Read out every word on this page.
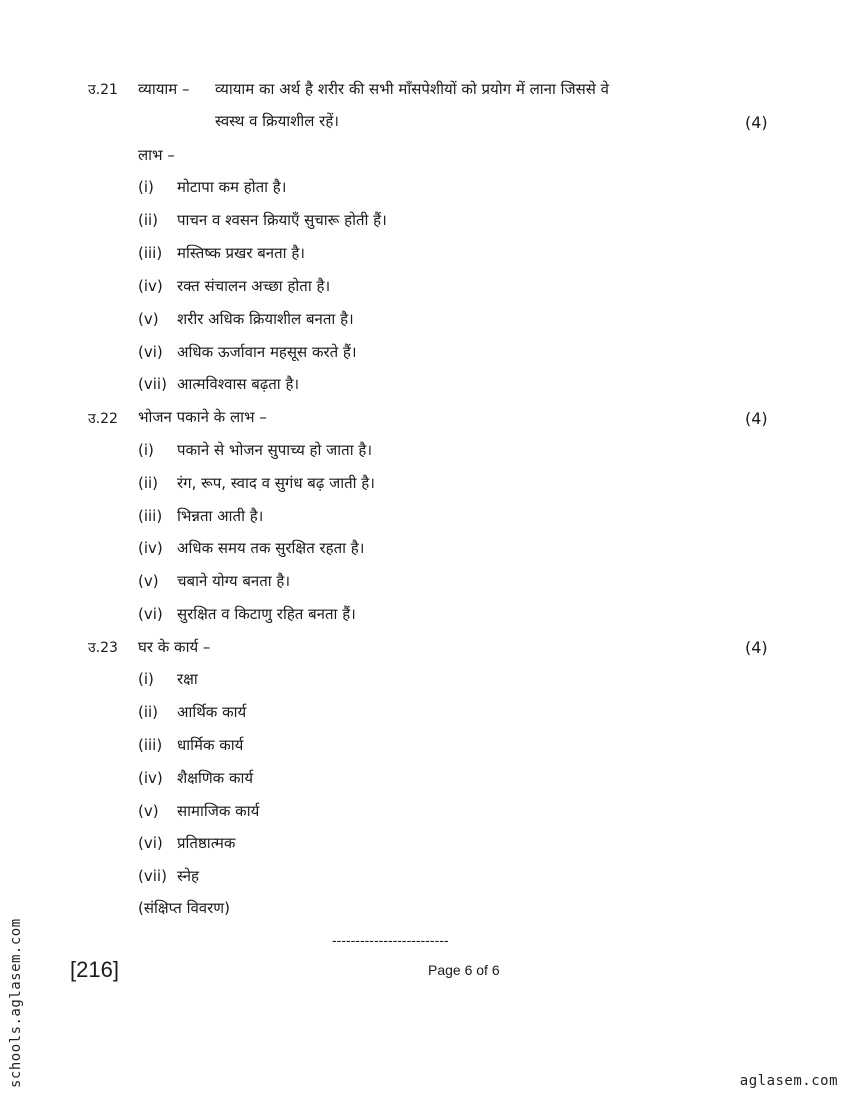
उ.21 व्यायाम – व्यायाम का अर्थ है शरीर की सभी माँसपेशीयों को प्रयोग में लाना जिससे वे
स्वस्थ व क्रियाशील रहें।	(4)
लाभ –
(i) मोटापा कम होता है।
(ii) पाचन व श्वसन क्रियाएँ सुचारू होती हैं।
(iii) मस्तिष्क प्रखर बनता है।
(iv) रक्त संचालन अच्छा होता है।
(v) शरीर अधिक क्रियाशील बनता है।
(vi) अधिक ऊर्जावान महसूस करते हैं।
(vii) आत्मविश्वास बढ़ता है।
उ.22 भोजन पकाने के लाभ –	(4)
(i) पकाने से भोजन सुपाच्य हो जाता है।
(ii) रंग, रूप, स्वाद व सुगंध बढ़ जाती है।
(iii) भिन्नता आती है।
(iv) अधिक समय तक सुरक्षित रहता है।
(v) चबाने योग्य बनता है।
(vi) सुरक्षित व किटाणु रहित बनता हैं।
उ.23 घर के कार्य –	(4)
(i) रक्षा
(ii) आर्थिक कार्य
(iii) धार्मिक कार्य
(iv) शैक्षणिक कार्य
(v) सामाजिक कार्य
(vi) प्रतिष्ठात्मक
(vii) स्नेह
(संक्षिप्त विवरण)
-------------------------
[216]	Page 6 of 6
schools.aglasem.com	aglasem.com
